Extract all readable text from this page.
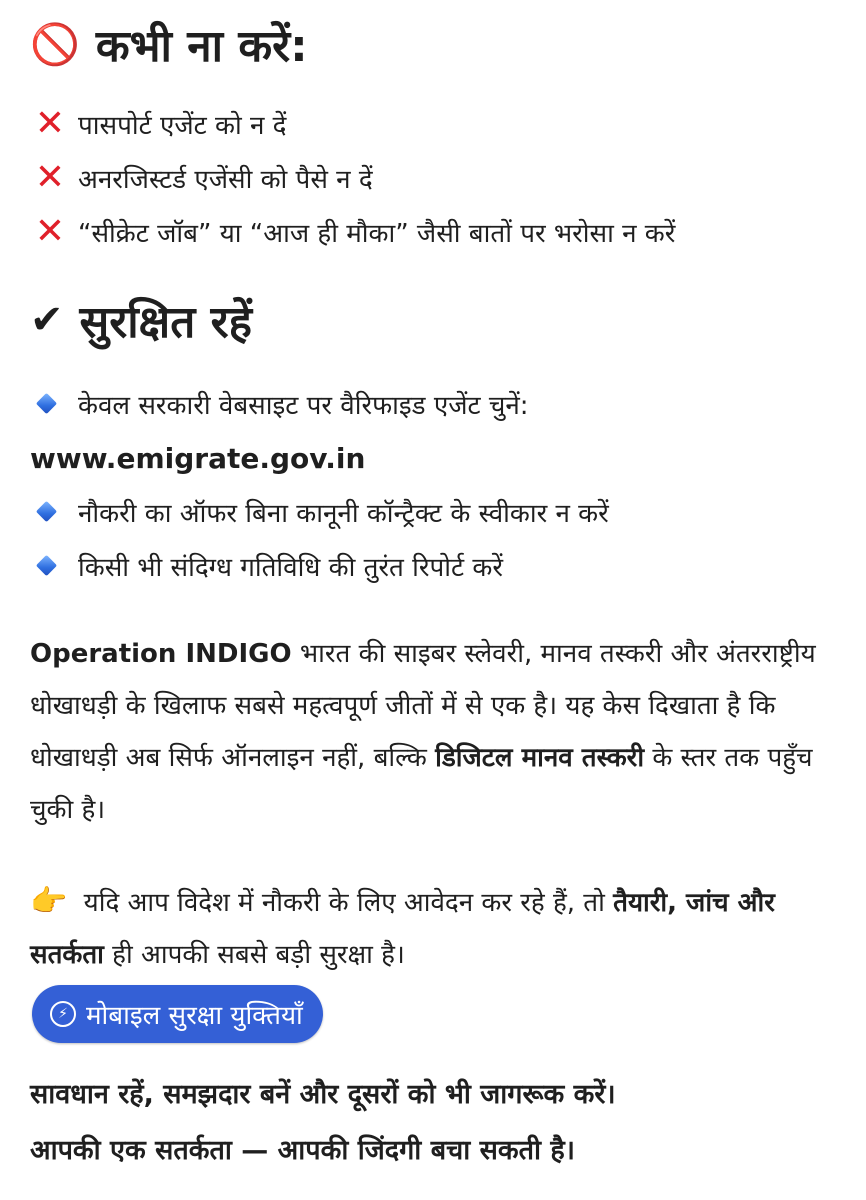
🚫 कभी ना करें:
✕ पासपोर्ट एजेंट को न दें
✕ अनरजिस्टर्ड एजेंसी को पैसे न दें
✕ “सीक्रेट जॉब” या “आज ही मौका” जैसी बातों पर भरोसा न करें
✔ सुरक्षित रहें
केवल सरकारी वेबसाइट पर वैरिफाइड एजेंट चुनें:
www.emigrate.gov.in
नौकरी का ऑफर बिना कानूनी कॉन्ट्रैक्ट के स्वीकार न करें
किसी भी संदिग्ध गतिविधि की तुरंत रिपोर्ट करें
Operation INDIGO भारत की साइबर स्लेवरी, मानव तस्करी और अंतरराष्ट्रीय धोखाधड़ी के खिलाफ सबसे महत्वपूर्ण जीतों में से एक है। यह केस दिखाता है कि धोखाधड़ी अब सिर्फ ऑनलाइन नहीं, बल्कि डिजिटल मानव तस्करी के स्तर तक पहुँच चुकी है।
👉 यदि आप विदेश में नौकरी के लिए आवेदन कर रहे हैं, तो तैयारी, जांच और सतर्कता ही आपकी सबसे बड़ी सुरक्षा है।
⚡ मोबाइल सुरक्षा युक्तियाँ
सावधान रहें, समझदार बनें और दूसरों को भी जागरूक करें।
आपकी एक सतर्कता — आपकी जिंदगी बचा सकती है।
